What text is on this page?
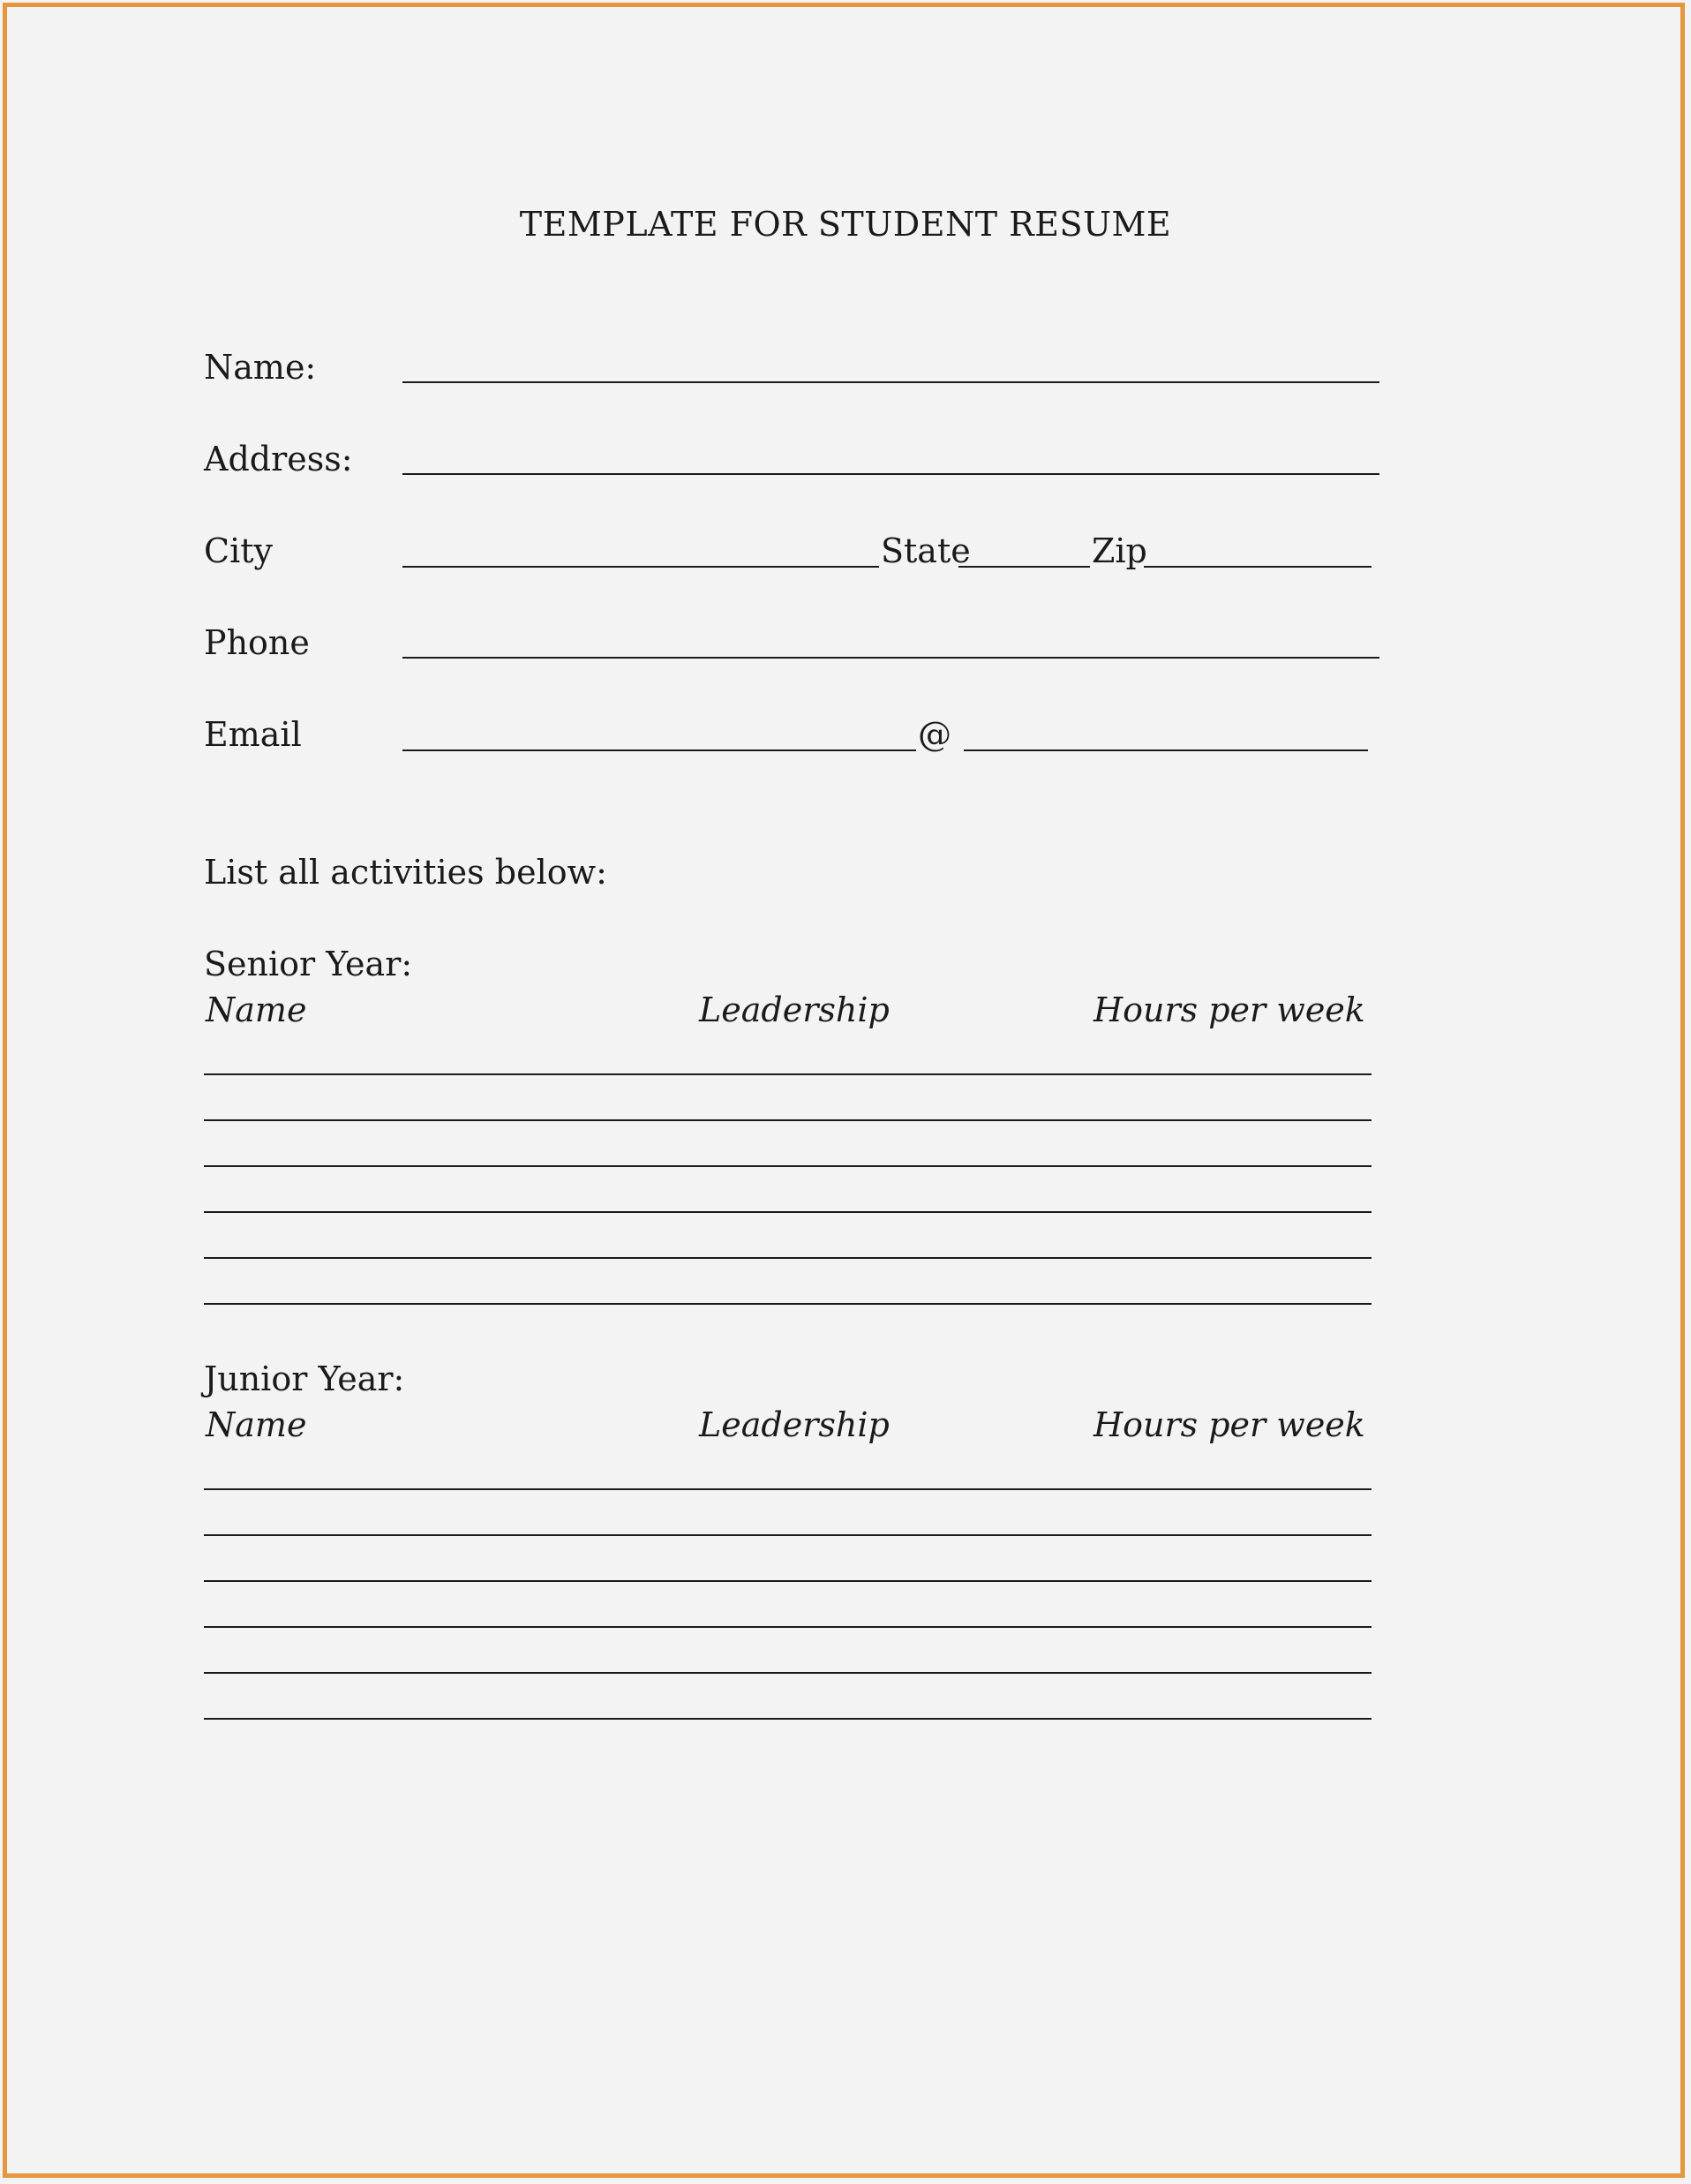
TEMPLATE FOR STUDENT RESUME
Name:
Address:
City	State	Zip
Phone
Email	@
List all activities below:
Senior Year:
Name	Leadership	Hours per week
Junior Year:
Name	Leadership	Hours per week
